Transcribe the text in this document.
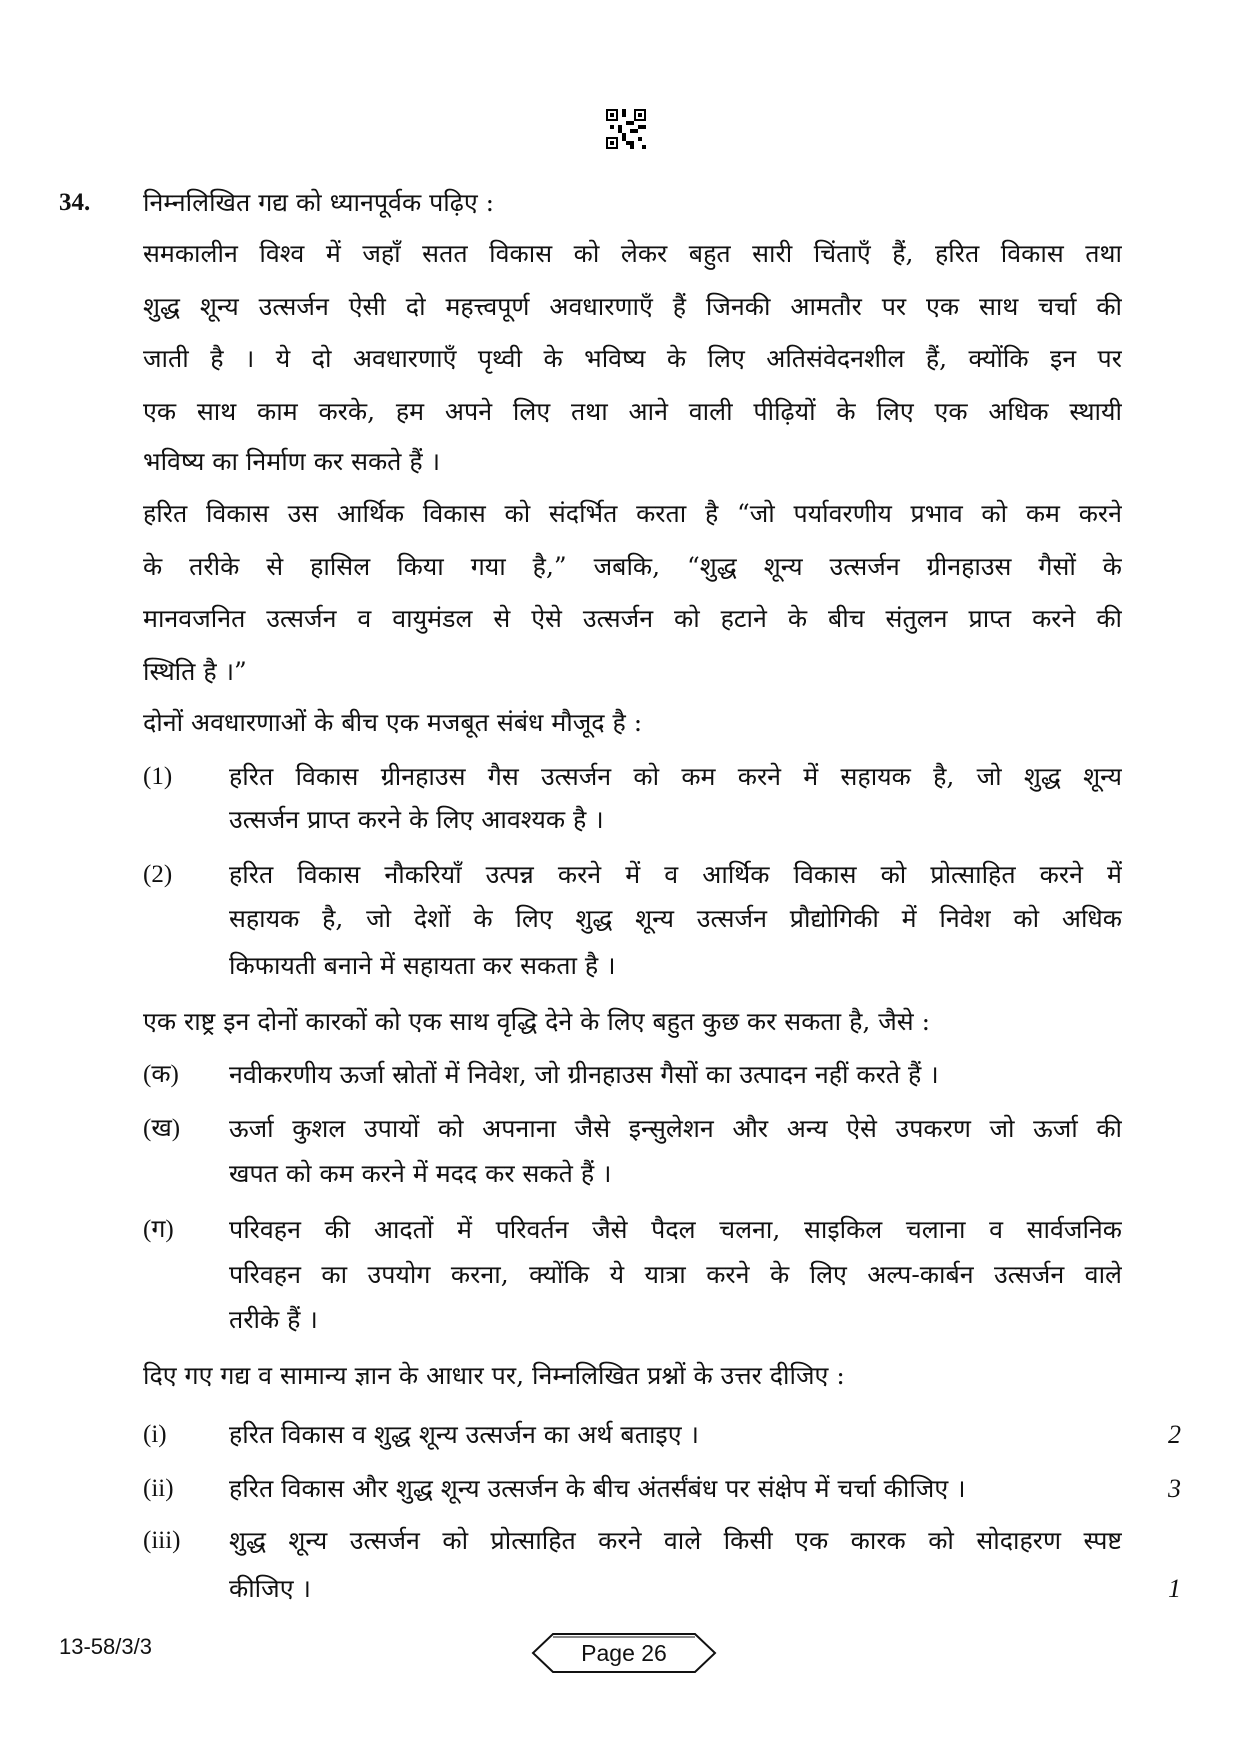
34. निम्नलिखित गद्य को ध्यानपूर्वक पढ़िए :
समकालीन विश्व में जहाँ सतत विकास को लेकर बहुत सारी चिंताएँ हैं, हरित विकास तथा
शुद्ध शून्य उत्सर्जन ऐसी दो महत्त्वपूर्ण अवधारणाएँ हैं जिनकी आमतौर पर एक साथ चर्चा की
जाती है । ये दो अवधारणाएँ पृथ्वी के भविष्य के लिए अतिसंवेदनशील हैं, क्योंकि इन पर
एक साथ काम करके, हम अपने लिए तथा आने वाली पीढ़ियों के लिए एक अधिक स्थायी
भविष्य का निर्माण कर सकते हैं ।
हरित विकास उस आर्थिक विकास को संदर्भित करता है “जो पर्यावरणीय प्रभाव को कम करने
के तरीके से हासिल किया गया है,” जबकि, “शुद्ध शून्य उत्सर्जन ग्रीनहाउस गैसों के
मानवजनित उत्सर्जन व वायुमंडल से ऐसे उत्सर्जन को हटाने के बीच संतुलन प्राप्त करने की
स्थिति है ।”
दोनों अवधारणाओं के बीच एक मजबूत संबंध मौजूद है :
(1) हरित विकास ग्रीनहाउस गैस उत्सर्जन को कम करने में सहायक है, जो शुद्ध शून्य
उत्सर्जन प्राप्त करने के लिए आवश्यक है ।
(2) हरित विकास नौकरियाँ उत्पन्न करने में व आर्थिक विकास को प्रोत्साहित करने में
सहायक है, जो देशों के लिए शुद्ध शून्य उत्सर्जन प्रौद्योगिकी में निवेश को अधिक
किफायती बनाने में सहायता कर सकता है ।
एक राष्ट्र इन दोनों कारकों को एक साथ वृद्धि देने के लिए बहुत कुछ कर सकता है, जैसे :
(क) नवीकरणीय ऊर्जा स्रोतों में निवेश, जो ग्रीनहाउस गैसों का उत्पादन नहीं करते हैं ।
(ख) ऊर्जा कुशल उपायों को अपनाना जैसे इन्सुलेशन और अन्य ऐसे उपकरण जो ऊर्जा की
खपत को कम करने में मदद कर सकते हैं ।
(ग) परिवहन की आदतों में परिवर्तन जैसे पैदल चलना, साइकिल चलाना व सार्वजनिक
परिवहन का उपयोग करना, क्योंकि ये यात्रा करने के लिए अल्प-कार्बन उत्सर्जन वाले
तरीके हैं ।
दिए गए गद्य व सामान्य ज्ञान के आधार पर, निम्नलिखित प्रश्नों के उत्तर दीजिए :
(i) हरित विकास व शुद्ध शून्य उत्सर्जन का अर्थ बताइए ।	2
(ii) हरित विकास और शुद्ध शून्य उत्सर्जन के बीच अंतर्संबंध पर संक्षेप में चर्चा कीजिए ।	3
(iii) शुद्ध शून्य उत्सर्जन को प्रोत्साहित करने वाले किसी एक कारक को सोदाहरण स्पष्ट
कीजिए ।	1
13-58/3/3	Page 26
